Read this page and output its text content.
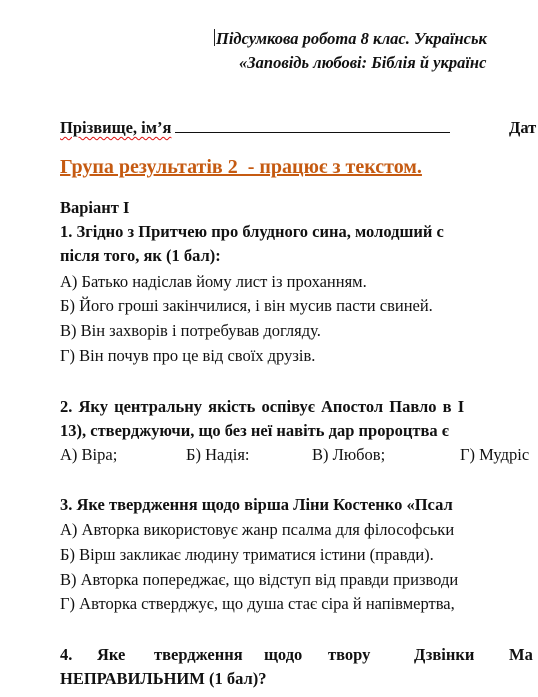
Підсумкова робота 8 клас. Українськ
«Заповідь любові: Біблія й українс
Прізвище, ім’я	Дат
Група результатів 2  - працює з текстом.
Варіант І
1. Згідно з Притчею про блудного сина, молодший с
після того, як (1 бал):
А) Батько надіслав йому лист із проханням.
Б) Його гроші закінчилися, і він мусив пасти свиней.
В) Він захворів і потребував догляду.
Г) Він почув про це від своїх друзів.
2. Яку центральну якість оспівує Апостол Павло в І
13), стверджуючи, що без неї навіть дар пророцтва є
А) Віра;	Б) Надія:	В) Любов;	Г) Мудріс
3. Яке твердження щодо вірша Ліни Костенко «Псал
А) Авторка використовує жанр псалма для філософськи
Б) Вірш закликає людину триматися істини (правди).
В) Авторка попереджає, що відступ від правди призводи
Г) Авторка стверджує, що душа стає сіра й напівмертва,
4. Яке твердження щодо твору	Дзвінки Ма
НЕПРАВИЛЬНИМ (1 бал)?
